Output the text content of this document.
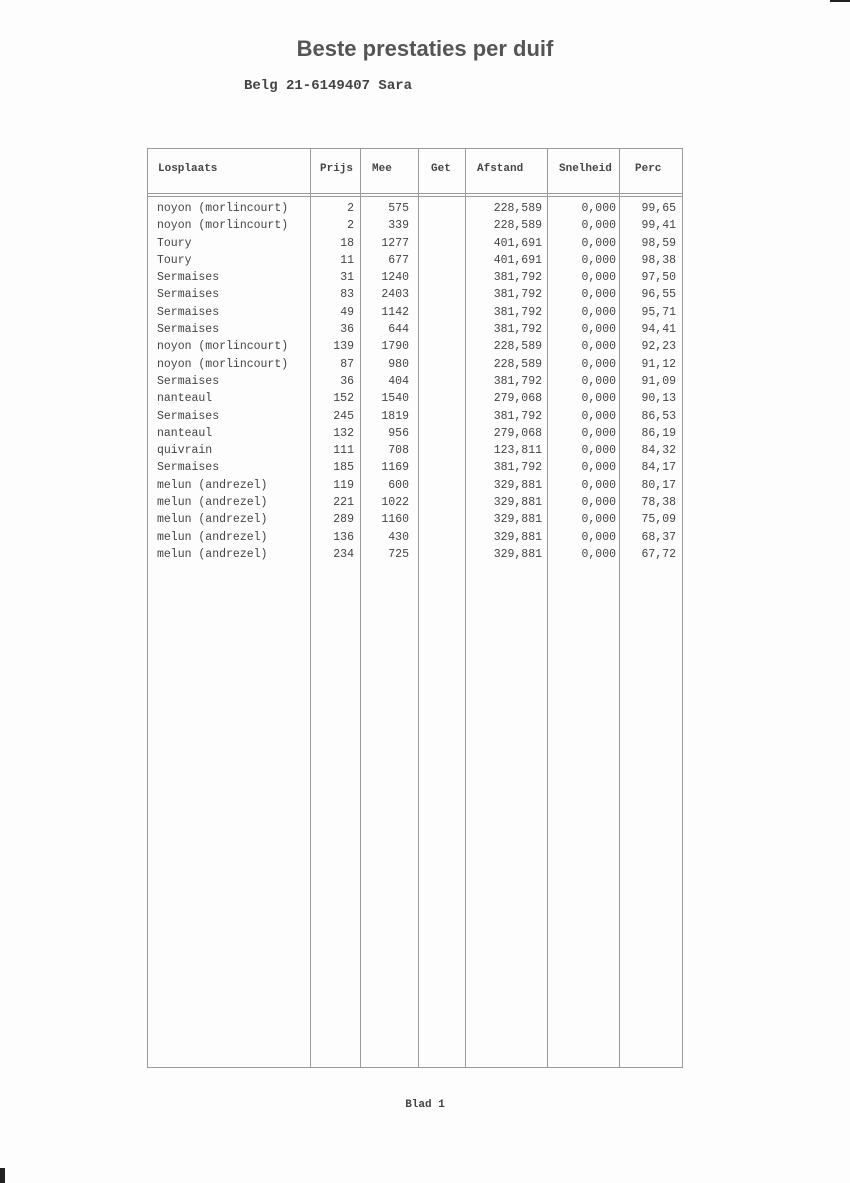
Beste prestaties per duif
Belg 21-6149407 Sara
Losplaats	Prijs Mee	Get Afstand	Snelheid Perc
noyon (morlincourt)	2	575	228,589	0,000 99,65
noyon (morlincourt)	2	339	228,589	0,000 99,41
Toury	18 1277	401,691	0,000 98,59
Toury	11	677	401,691	0,000 98,38
Sermaises	31 1240	381,792	0,000 97,50
Sermaises	83 2403	381,792	0,000 96,55
Sermaises	49 1142	381,792	0,000 95,71
Sermaises	36	644	381,792	0,000 94,41
noyon (morlincourt)	139 1790	228,589	0,000 92,23
noyon (morlincourt)	87	980	228,589	0,000 91,12
Sermaises	36	404	381,792	0,000 91,09
nanteaul	152 1540	279,068	0,000 90,13
Sermaises	245 1819	381,792	0,000 86,53
nanteaul	132	956	279,068	0,000 86,19
quivrain	111	708	123,811	0,000 84,32
Sermaises	185 1169	381,792	0,000 84,17
melun (andrezel)	119	600	329,881	0,000 80,17
melun (andrezel)	221 1022	329,881	0,000 78,38
melun (andrezel)	289 1160	329,881	0,000 75,09
melun (andrezel)	136	430	329,881	0,000 68,37
melun (andrezel)	234	725	329,881	0,000 67,72
Blad 1
